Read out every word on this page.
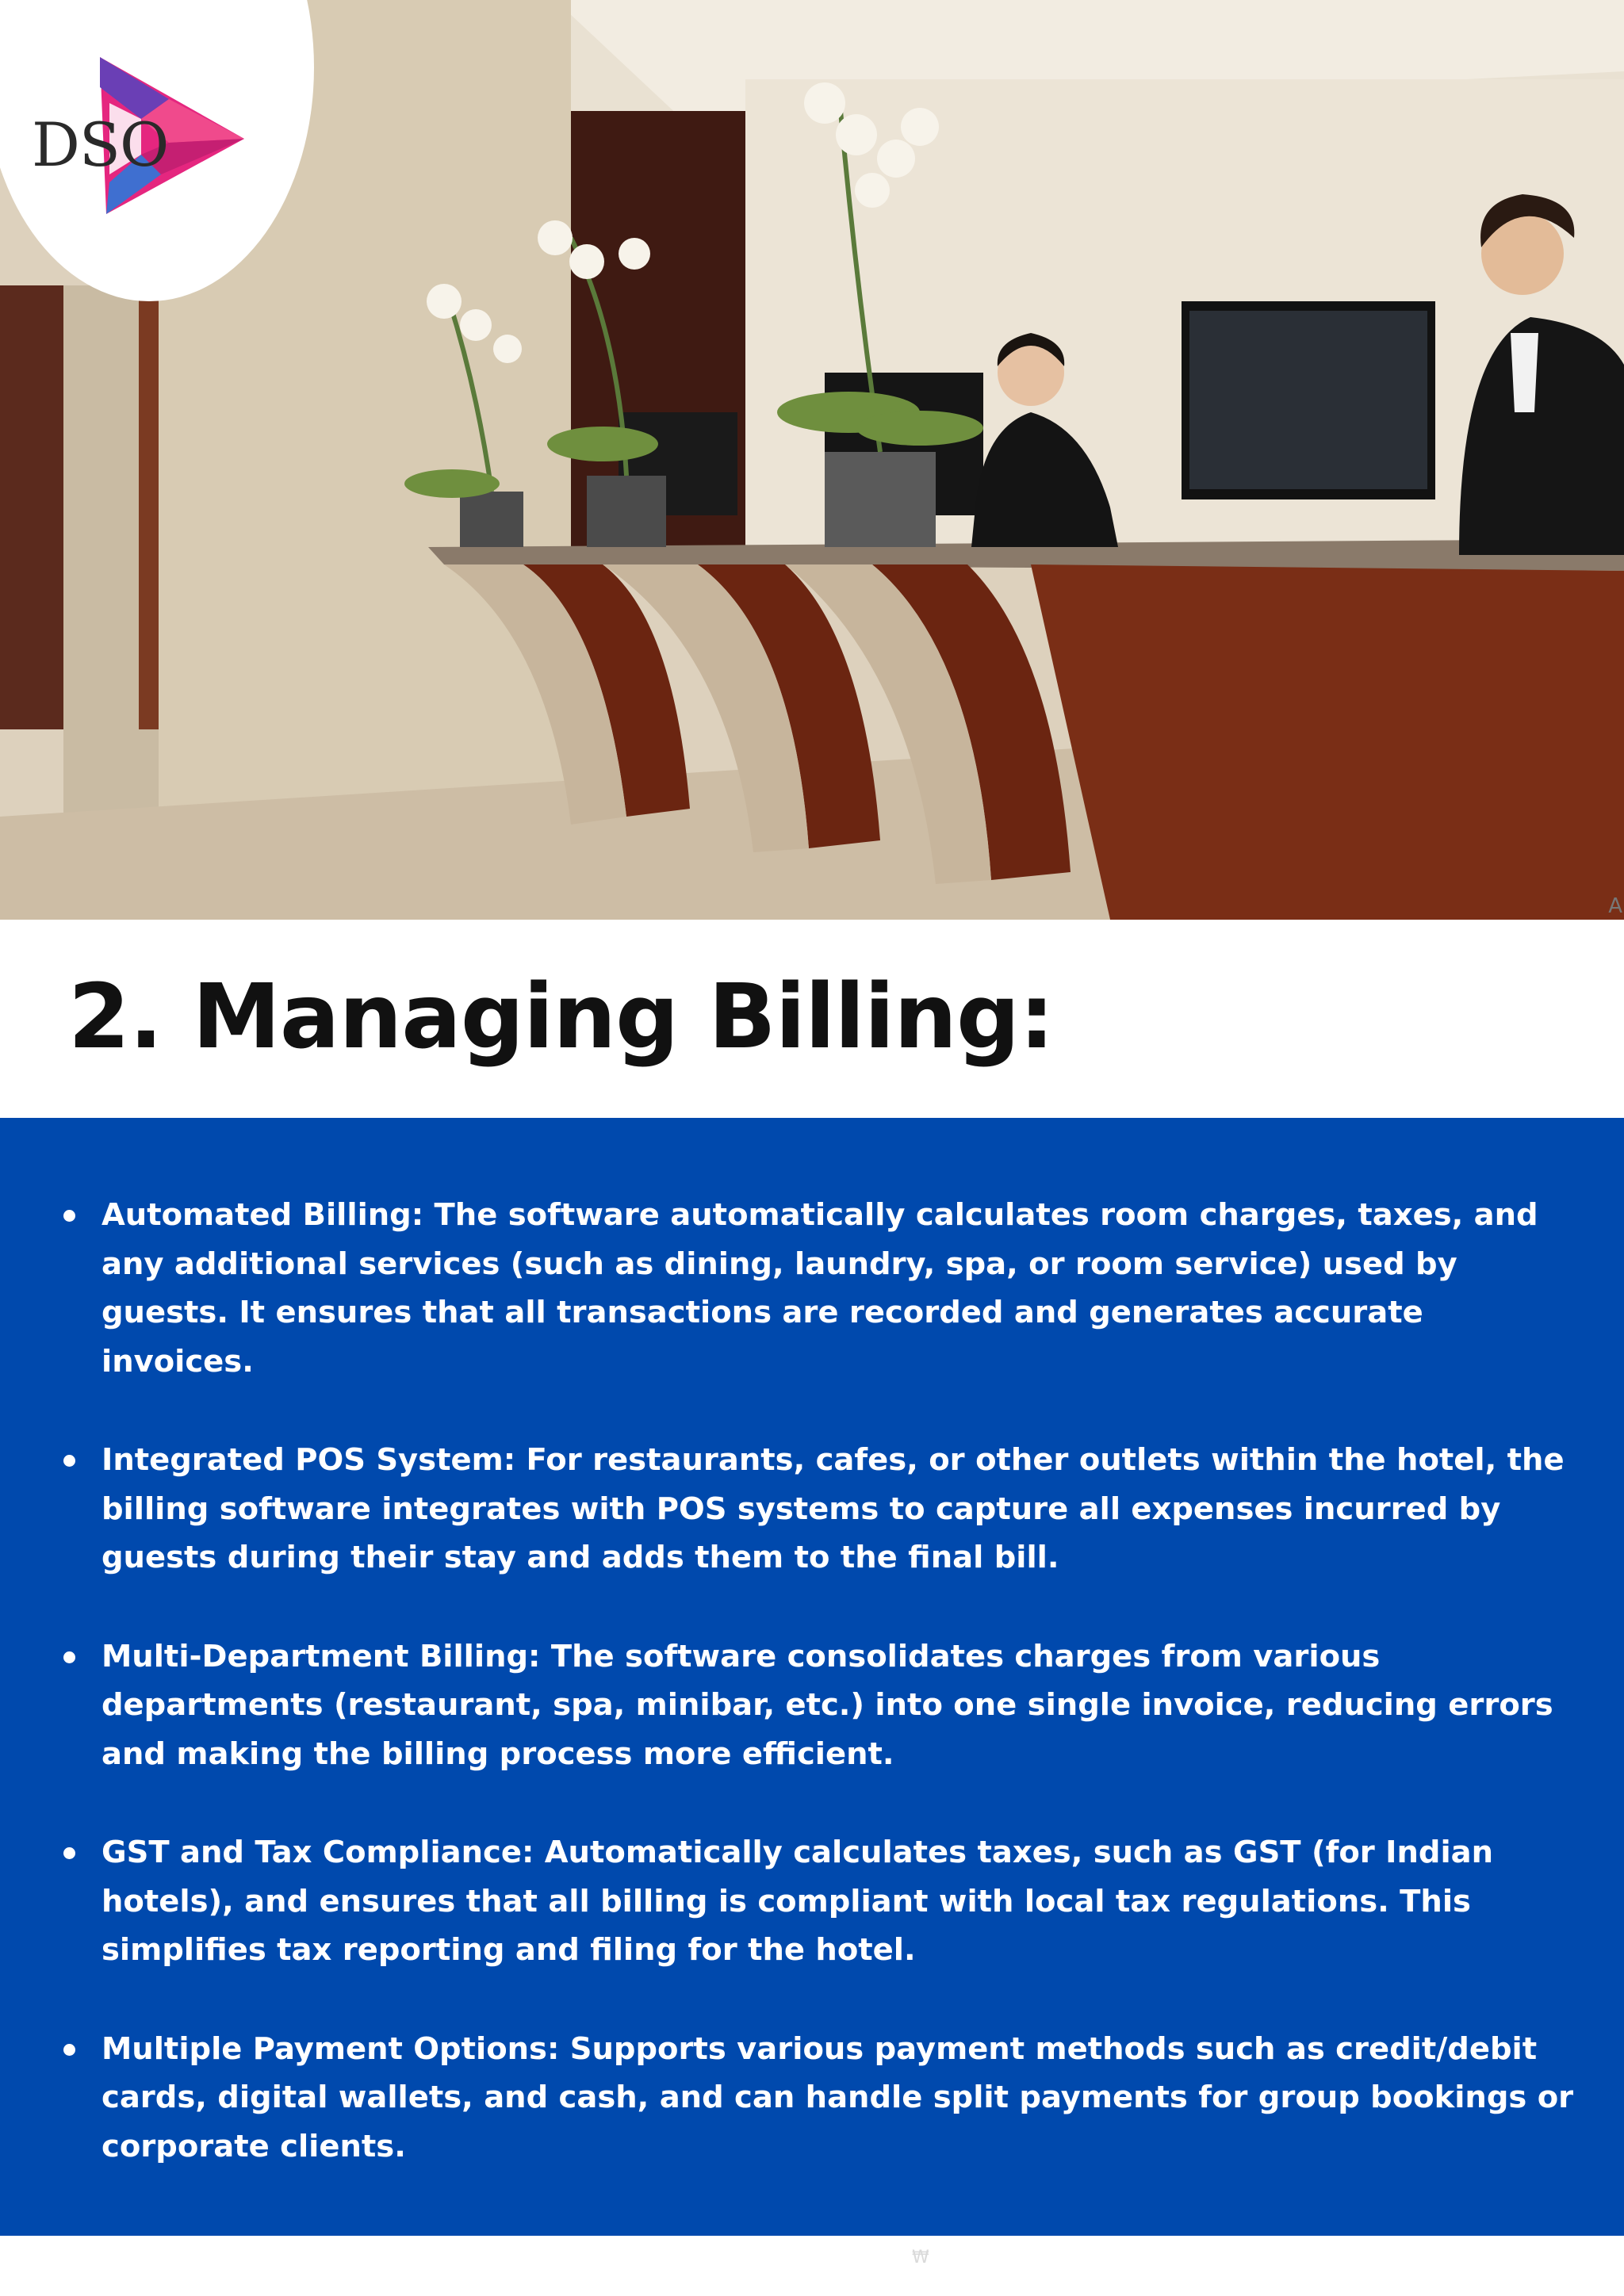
DSO
A
2. Managing Billing:
Automated Billing: The software automatically calculates room charges, taxes, and any additional services (such as dining, laundry, spa, or room service) used by guests. It ensures that all transactions are recorded and generates accurate invoices.
Integrated POS System: For restaurants, cafes, or other outlets within the hotel, the billing software integrates with POS systems to capture all expenses incurred by guests during their stay and adds them to the final bill.
Multi-Department Billing: The software consolidates charges from various departments (restaurant, spa, minibar, etc.) into one single invoice, reducing errors and making the billing process more efficient.
GST and Tax Compliance: Automatically calculates taxes, such as GST (for Indian hotels), and ensures that all billing is compliant with local tax regulations. This simplifies tax reporting and filing for the hotel.
Multiple Payment Options: Supports various payment methods such as credit/debit cards, digital wallets, and cash, and can handle split payments for group bookings or corporate clients.
₩
